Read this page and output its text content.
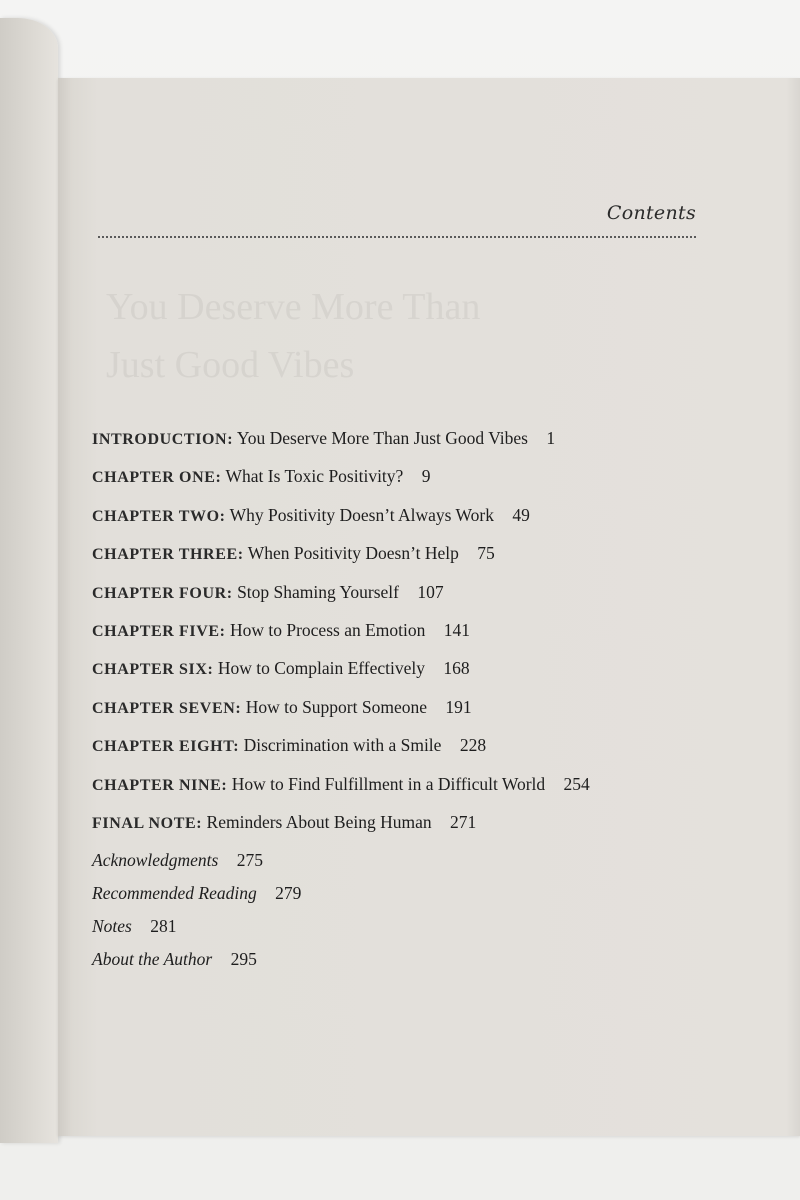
You Deserve More Than
Just Good Vibes
Contents
INTRODUCTION: You Deserve More Than Just Good Vibes 1
CHAPTER ONE: What Is Toxic Positivity? 9
CHAPTER TWO: Why Positivity Doesn’t Always Work 49
CHAPTER THREE: When Positivity Doesn’t Help 75
CHAPTER FOUR: Stop Shaming Yourself 107
CHAPTER FIVE: How to Process an Emotion 141
CHAPTER SIX: How to Complain Effectively 168
CHAPTER SEVEN: How to Support Someone 191
CHAPTER EIGHT: Discrimination with a Smile 228
CHAPTER NINE: How to Find Fulfillment in a Difficult World 254
FINAL NOTE: Reminders About Being Human 271
Acknowledgments 275
Recommended Reading 279
Notes 281
About the Author 295
